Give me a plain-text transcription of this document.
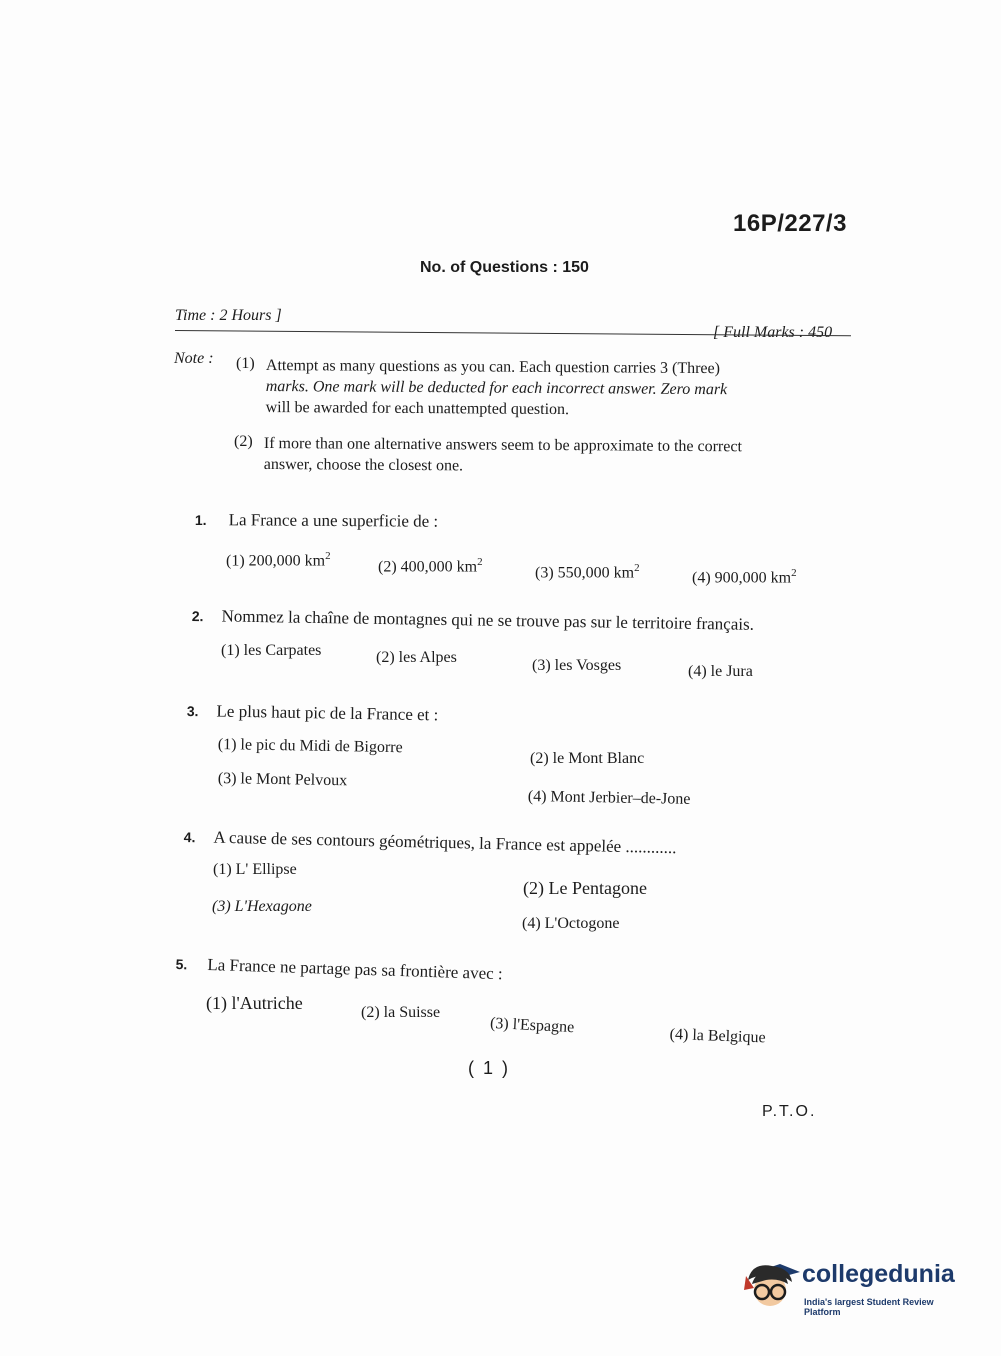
16P/227/3
No. of Questions : 150
Time : 2 Hours ]
[ Full Marks : 450
Note : (1) Attempt as many questions as you can. Each question carries 3 (Three)
marks. One mark will be deducted for each incorrect answer. Zero mark
will be awarded for each unattempted question.
(2) If more than one alternative answers seem to be approximate to the correct
answer, choose the closest one.
1. La France a une superficie de :
(1) 200,000 $km^2$
(2) 400,000 $km^2$
(3) 550,000 $km^2$
(4) 900,000 $km^2$
2. Nommez la chaîne de montagnes qui ne se trouve pas sur le territoire français.
(1) les Carpates	(2) les Alpes	(3) les Vosges	(4) le Jura
3. Le plus haut pic de la France et :
(1) le pic du Midi de Bigorre
(2) le Mont Blanc
(3) le Mont Pelvoux
(4) Mont Jerbier–de-Jone
4. A cause de ses contours géométriques, la France est appelée ............
(1) L' Ellipse
(2) Le Pentagone
(3) L'Hexagone
(4) L'Octogone
5. La France ne partage pas sa frontière avec :
(1) l'Autriche	(2) la Suisse
(3) l'Espagne	(4) la Belgique
( 1 )
P.T.O.
collegedunia
India's largest Student Review Platform
